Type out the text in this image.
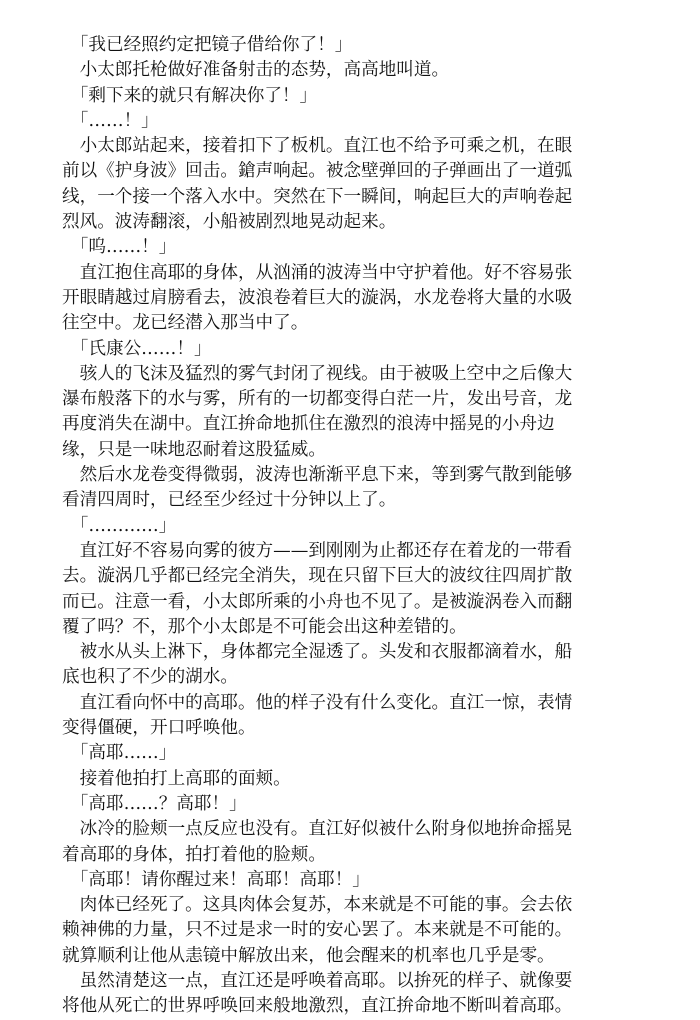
　「我已经照约定把镜子借给你了！」
　小太郎托枪做好准备射击的态势，高高地叫道。
　「剩下来的就只有解决你了！」
　「……！」
　小太郎站起来，接着扣下了板机。直江也不给予可乘之机，在眼
前以《护身波》回击。鎗声响起。被念壁弹回的子弹画出了一道弧
线，一个接一个落入水中。突然在下一瞬间，响起巨大的声响卷起
烈风。波涛翻滚，小船被剧烈地晃动起来。
　「呜……！」
　直江抱住高耶的身体，从汹涌的波涛当中守护着他。好不容易张
开眼睛越过肩膀看去，波浪卷着巨大的漩涡，水龙卷将大量的水吸
往空中。龙已经潜入那当中了。
　「氏康公……！」
　骇人的飞沫及猛烈的雾气封闭了视线。由于被吸上空中之后像大
瀑布般落下的水与雾，所有的一切都变得白茫一片，发出号音，龙
再度消失在湖中。直江拚命地抓住在激烈的浪涛中摇晃的小舟边
缘，只是一味地忍耐着这股猛威。
　然后水龙卷变得微弱，波涛也渐渐平息下来，等到雾气散到能够
看清四周时，已经至少经过十分钟以上了。
　「…………」
　直江好不容易向雾的彼方——到刚刚为止都还存在着龙的一带看
去。漩涡几乎都已经完全消失，现在只留下巨大的波纹往四周扩散
而已。注意一看，小太郎所乘的小舟也不见了。是被漩涡卷入而翻
覆了吗？不，那个小太郎是不可能会出这种差错的。
　被水从头上淋下，身体都完全湿透了。头发和衣服都滴着水，船
底也积了不少的湖水。
　直江看向怀中的高耶。他的样子没有什么变化。直江一惊，表情
变得僵硬，开口呼唤他。
　「高耶……」
　接着他拍打上高耶的面颊。
　「高耶……？高耶！」
　冰冷的脸颊一点反应也没有。直江好似被什么附身似地拚命摇晃
着高耶的身体，拍打着他的脸颊。
　「高耶！请你醒过来！高耶！高耶！」
　肉体已经死了。这具肉体会复苏，本来就是不可能的事。会去依
赖神佛的力量，只不过是求一时的安心罢了。本来就是不可能的。
就算顺利让他从恚镜中解放出来，他会醒来的机率也几乎是零。
　虽然清楚这一点，直江还是呼唤着高耶。以拚死的样子、就像要
将他从死亡的世界呼唤回来般地激烈，直江拚命地不断叫着高耶。
